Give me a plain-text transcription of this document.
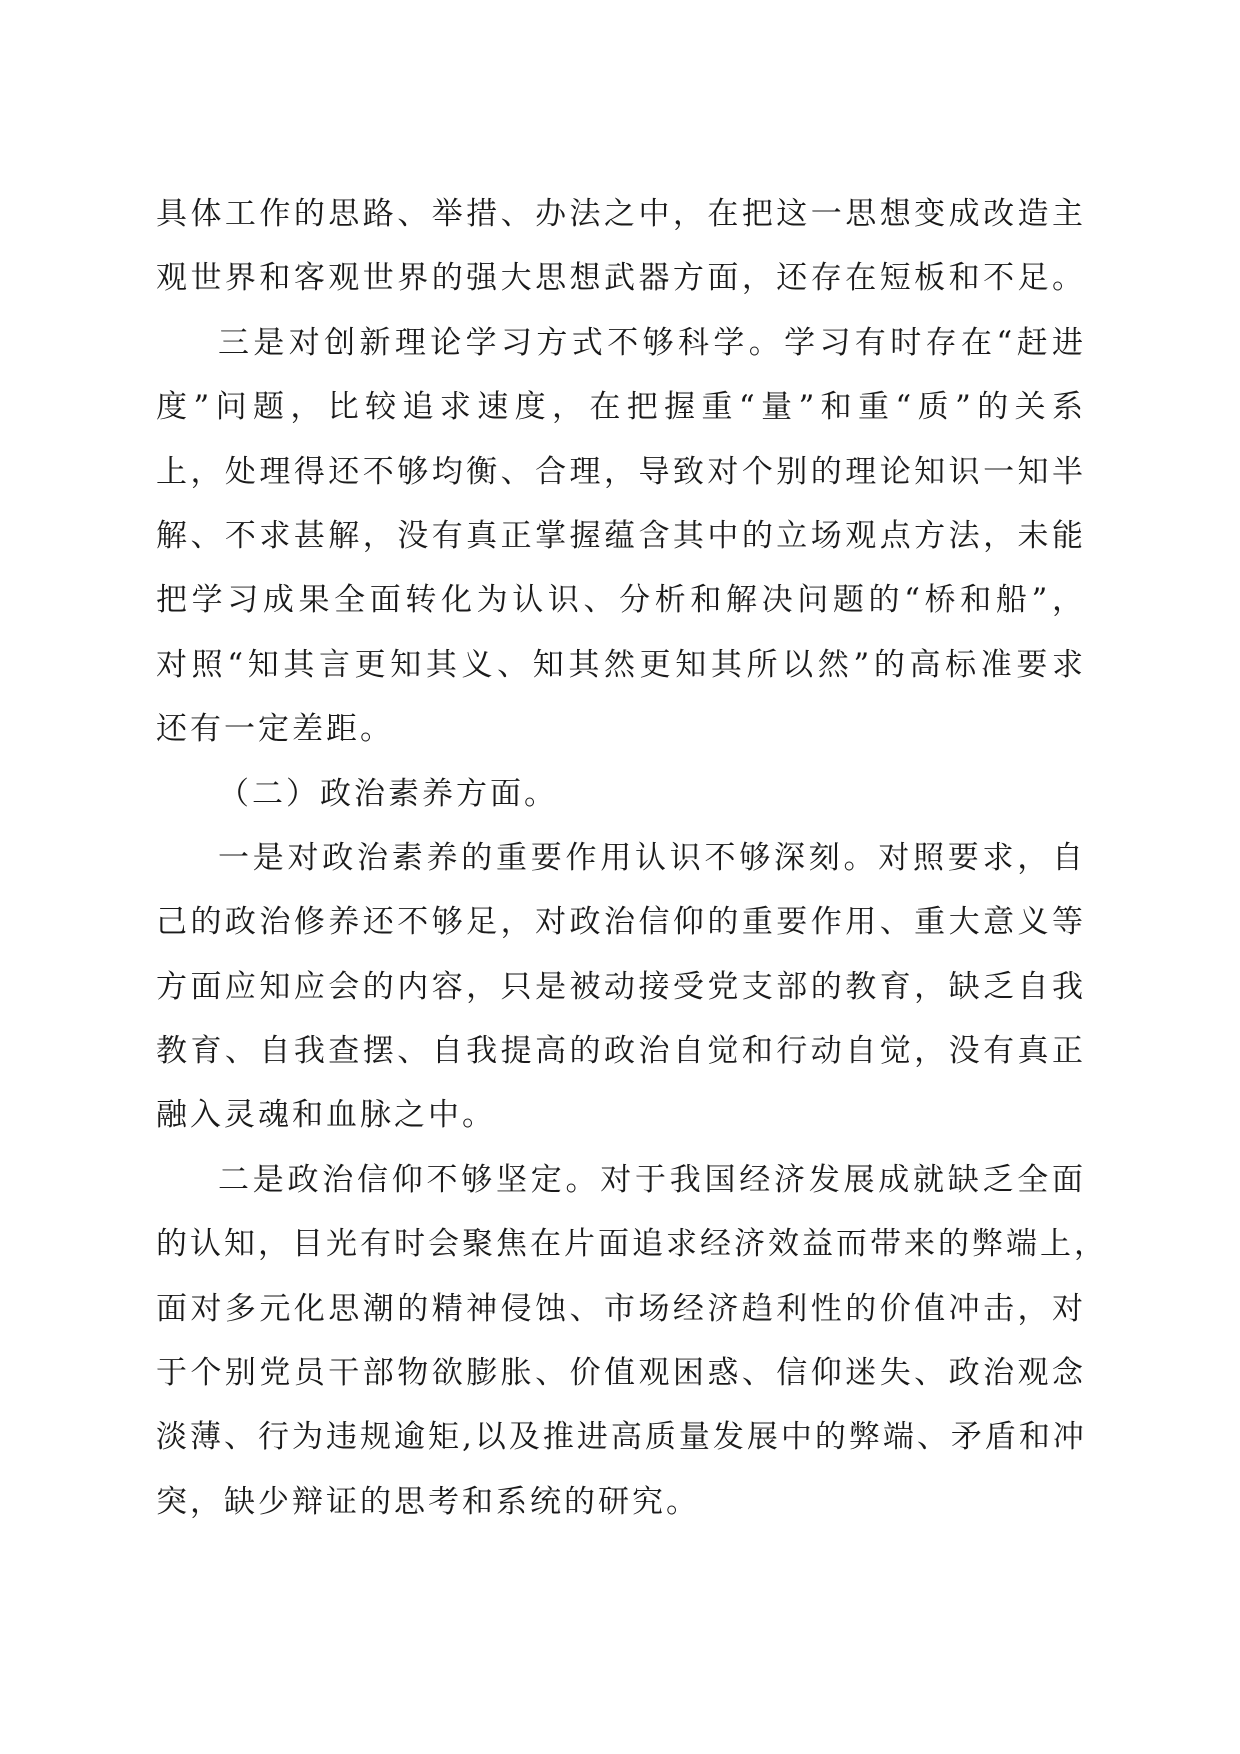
具体工作的思路、举措、办法之中，在把这一思想变成改造主
观世界和客观世界的强大思想武器方面，还存在短板和不足。
三是对创新理论学习方式不够科学。学习有时存在“赶进
度”问题，比较追求速度，在把握重“量”和重“质”的关系
上，处理得还不够均衡、合理，导致对个别的理论知识一知半
解、不求甚解，没有真正掌握蕴含其中的立场观点方法，未能
把学习成果全面转化为认识、分析和解决问题的“桥和船”，
对照“知其言更知其义、知其然更知其所以然”的高标准要求
还有一定差距。
（二）政治素养方面。
一是对政治素养的重要作用认识不够深刻。对照要求，自
己的政治修养还不够足，对政治信仰的重要作用、重大意义等
方面应知应会的内容，只是被动接受党支部的教育，缺乏自我
教育、自我查摆、自我提高的政治自觉和行动自觉，没有真正
融入灵魂和血脉之中。
二是政治信仰不够坚定。对于我国经济发展成就缺乏全面
的认知，目光有时会聚焦在片面追求经济效益而带来的弊端上，
面对多元化思潮的精神侵蚀、市场经济趋利性的价值冲击，对
于个别党员干部物欲膨胀、价值观困惑、信仰迷失、政治观念
淡薄、行为违规逾矩,以及推进高质量发展中的弊端、矛盾和冲
突，缺少辩证的思考和系统的研究。
